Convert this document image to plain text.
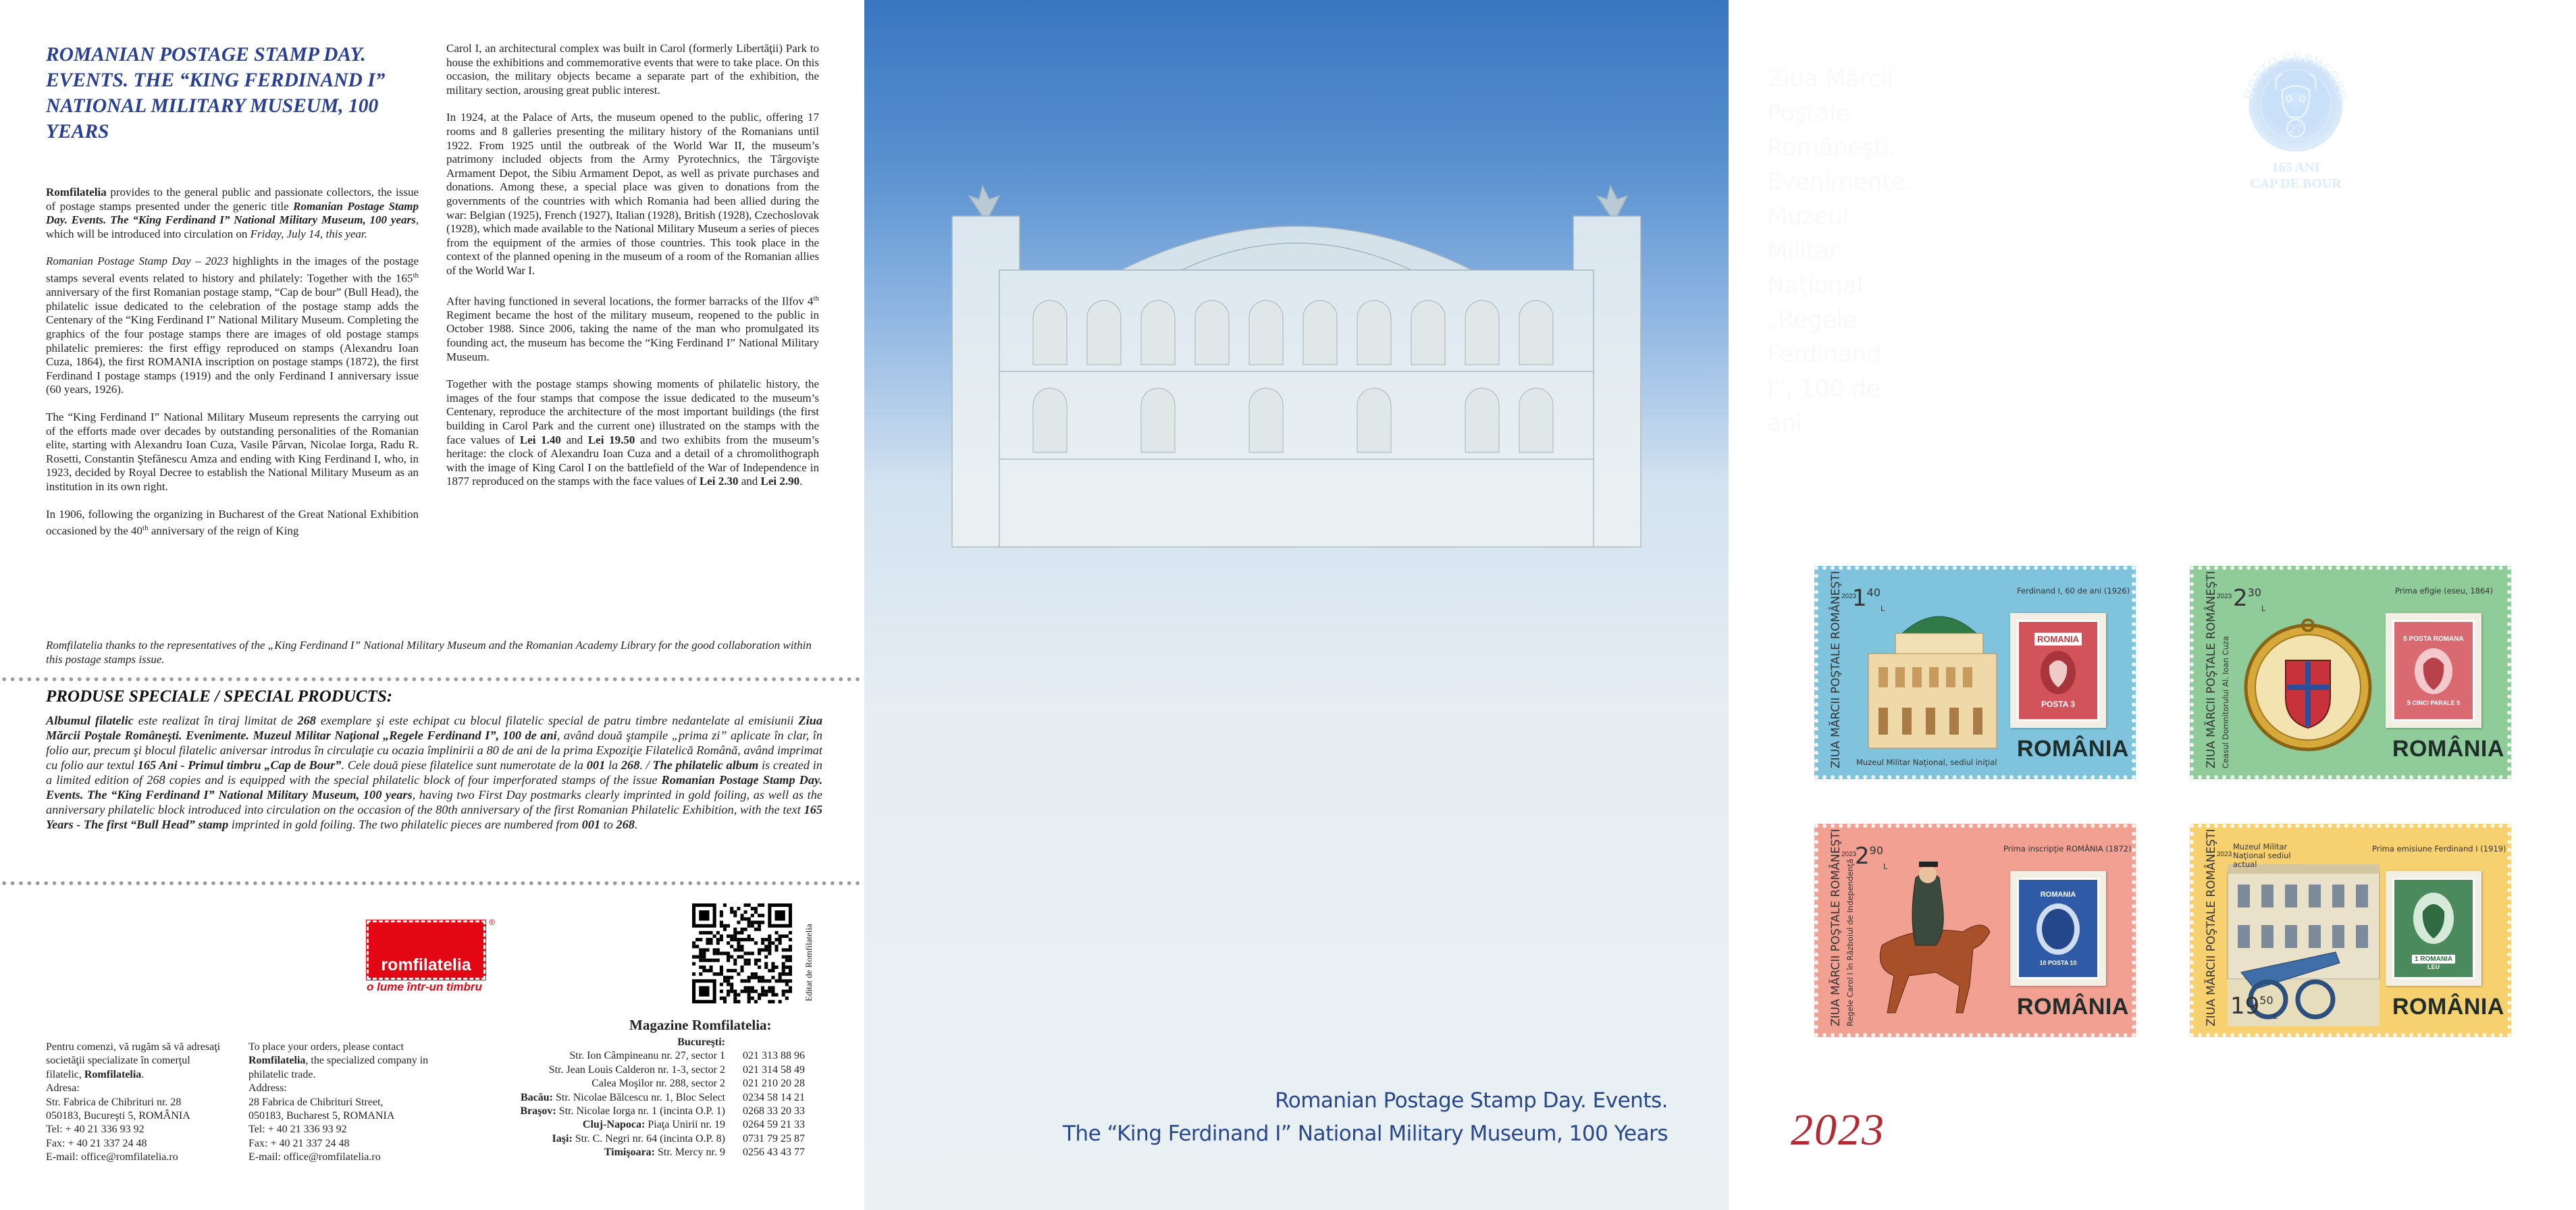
ROMANIAN POSTAGE STAMP DAY. EVENTS. THE “KING FERDINAND I” NATIONAL MILITARY MUSEUM, 100 YEARS

Romfilatelia provides to the general public and passionate collectors, the issue of postage stamps presented under the generic title Romanian Postage Stamp Day. Events. The “King Ferdinand I” National Military Museum, 100 years, which will be introduced into circulation on Friday, July 14, this year.

Romanian Postage Stamp Day – 2023 highlights in the images of the postage stamps several events related to history and philately: Together with the 165th anniversary of the first Romanian postage stamp, “Cap de bour” (Bull Head), the philatelic issue dedicated to the celebration of the postage stamp adds the Centenary of the “King Ferdinand I” National Military Museum. Completing the graphics of the four postage stamps there are images of old postage stamps philatelic premieres: the first effigy reproduced on stamps (Alexandru Ioan Cuza, 1864), the first ROMANIA inscription on postage stamps (1872), the first Ferdinand I postage stamps (1919) and the only Ferdinand I anniversary issue (60 years, 1926).

The “King Ferdinand I” National Military Museum represents the carrying out of the efforts made over decades by outstanding personalities of the Romanian elite, starting with Alexandru Ioan Cuza, Vasile Pârvan, Nicolae Iorga, Radu R. Rosetti, Constantin Ştefănescu Amza and ending with King Ferdinand I, who, in 1923, decided by Royal Decree to establish the National Military Museum as an institution in its own right.

In 1906, following the organizing in Bucharest of the Great National Exhibition occasioned by the 40th anniversary of the reign of King

Carol I, an architectural complex was built in Carol (formerly Libertăţii) Park to house the exhibitions and commemorative events that were to take place. On this occasion, the military objects became a separate part of the exhibition, the military section, arousing great public interest.

In 1924, at the Palace of Arts, the museum opened to the public, offering 17 rooms and 8 galleries presenting the military history of the Romanians until 1922. From 1925 until the outbreak of the World War II, the museum’s patrimony included objects from the Army Pyrotechnics, the Târgovişte Armament Depot, the Sibiu Armament Depot, as well as private purchases and donations. Among these, a special place was given to donations from the governments of the countries with which Romania had been allied during the war: Belgian (1925), French (1927), Italian (1928), British (1928), Czechoslovak (1928), which made available to the National Military Museum a series of pieces from the equipment of the armies of those countries. This took place in the context of the planned opening in the museum of a room of the Romanian allies of the World War I.

After having functioned in several locations, the former barracks of the Ilfov 4th Regiment became the host of the military museum, reopened to the public in October 1988. Since 2006, taking the name of the man who promulgated its founding act, the museum has become the “King Ferdinand I” National Military Museum.

Together with the postage stamps showing moments of philatelic history, the images of the four stamps that compose the issue dedicated to the museum’s Centenary, reproduce the architecture of the most important buildings (the first building in Carol Park and the current one) illustrated on the stamps with the face values of Lei 1.40 and Lei 19.50 and two exhibits from the museum’s heritage: the clock of Alexandru Ioan Cuza and a detail of a chromolithograph with the image of King Carol I on the battlefield of the War of Independence in 1877 reproduced on the stamps with the face values of Lei 2.30 and Lei 2.90.

Romfilatelia thanks to the representatives of the „King Ferdinand I” National Military Museum and the Romanian Academy Library for the good collaboration within this postage stamps issue.
PRODUSE SPECIALE / SPECIAL PRODUCTS:
Albumul filatelic este realizat în tiraj limitat de 268 exemplare şi este echipat cu blocul filatelic special de patru timbre nedantelate al emisiunii Ziua Mărcii Poştale Româneşti. Evenimente. Muzeul Militar Naţional „Regele Ferdinand I”, 100 de ani, având două ştampile „prima zi” aplicate în clar, în folio aur, precum şi blocul filatelic aniversar introdus în circulaţie cu ocazia împlinirii a 80 de ani de la prima Expoziţie Filatelică Română, având imprimat cu folio aur textul 165 Ani - Primul timbru „Cap de Bour”. Cele două piese filatelice sunt numerotate de la 001 la 268. / The philatelic album is created in a limited edition of 268 copies and is equipped with the special philatelic block of four imperforated stamps of the issue Romanian Postage Stamp Day. Events. The “King Ferdinand I” National Military Museum, 100 years, having two First Day postmarks clearly imprinted in gold foiling, as well as the anniversary philatelic block introduced into circulation on the occasion of the 80th anniversary of the first Romanian Philatelic Exhibition, with the text 165 Years - The first “Bull Head” stamp imprinted in gold foiling. The two philatelic pieces are numbered from 001 to 268.
romfilatelia
®
o lume într-un timbru	Editat de Romfilatelia
Magazine Romfilatelia:
Bucureşti:
Str. Ion Câmpineanu nr. 27, sector 1 021 313 88 96
Str. Jean Louis Calderon nr. 1-3, sector 2 021 314 58 49
Calea Moşilor nr. 288, sector 2 021 210 20 28
Bacău: Str. Nicolae Bălcescu nr. 1, Bloc Select 0234 58 14 21
Braşov: Str. Nicolae Iorga nr. 1 (incinta O.P. 1) 0268 33 20 33
Cluj-Napoca: Piaţa Unirii nr. 19 0264 59 21 33
Iaşi: Str. C. Negri nr. 64 (incinta O.P. 8) 0731 79 25 87
Timişoara: Str. Mercy nr. 9 0256 43 43 77
Pentru comenzi, vă rugăm să vă adresaţi societăţii specializate în comerţul filatelic, Romfilatelia.
Adresa:
Str. Fabrica de Chibrituri nr. 28
050183, Bucureşti 5, ROMÂNIA
Tel: + 40 21 336 93 92
Fax: + 40 21 337 24 48
E-mail: office@romfilatelia.ro
To place your orders, please contact Romfilatelia, the specialized company in philatelic trade.
Address:
28 Fabrica de Chibrituri Street,
050183, Bucharest 5, ROMANIA
Tel: + 40 21 336 93 92
Fax: + 40 21 337 24 48
E-mail: office@romfilatelia.ro
Ziua Mărcii Poştale Româneşti.
Evenimente. Muzeul Militar Naţional
„Regele Ferdinand I”, 100 de ani
ПОРТО СКРИСОРИ
27
165 ANI
CAP DE BOUR
„Cap de Bour”vizibil
in spectrul ultraviolet (UV)
“Bull Head” visible
in the ultraviolet
(UV) spectrum
2023
ZIUA MĂRCII POŞTALE ROMÂNEŞTI $1^{40}_L$
Ferdinand I, 60 de ani (1926)
Muzeul Militar Naţional, sediul iniţial
ROMANIA
POSTA 3
ROMÂNIA
2023
ZIUA MĂRCII POŞTALE ROMÂNEŞTI Ceasul Domnitorului Al. Ioan Cuza
$2^{30}_L$
Prima efigie (eseu, 1864)
5 POSTA ROMANA
5 CINCI PARALE 5
ROMÂNIA
2023
ZIUA MĂRCII POŞTALE ROMÂNEŞTI Regele Carol I în Războiul de Independenţă
$2^{90}_L$
Prima inscripţie ROMÂNIA (1872)
ROMANIA
10 POSTA 10
ROMÂNIA
2023
ZIUA MĂRCII POŞTALE ROMÂNEŞTI Muzeul Militar Naţional sediul actual
Prima emisiune Ferdinand I (1919)
$19^{50}_L$
1 ROMANIA
LEU
ROMÂNIA
2023
Romanian Postage Stamp Day. Events.
The “King Ferdinand I” National Military Museum, 100 Years
